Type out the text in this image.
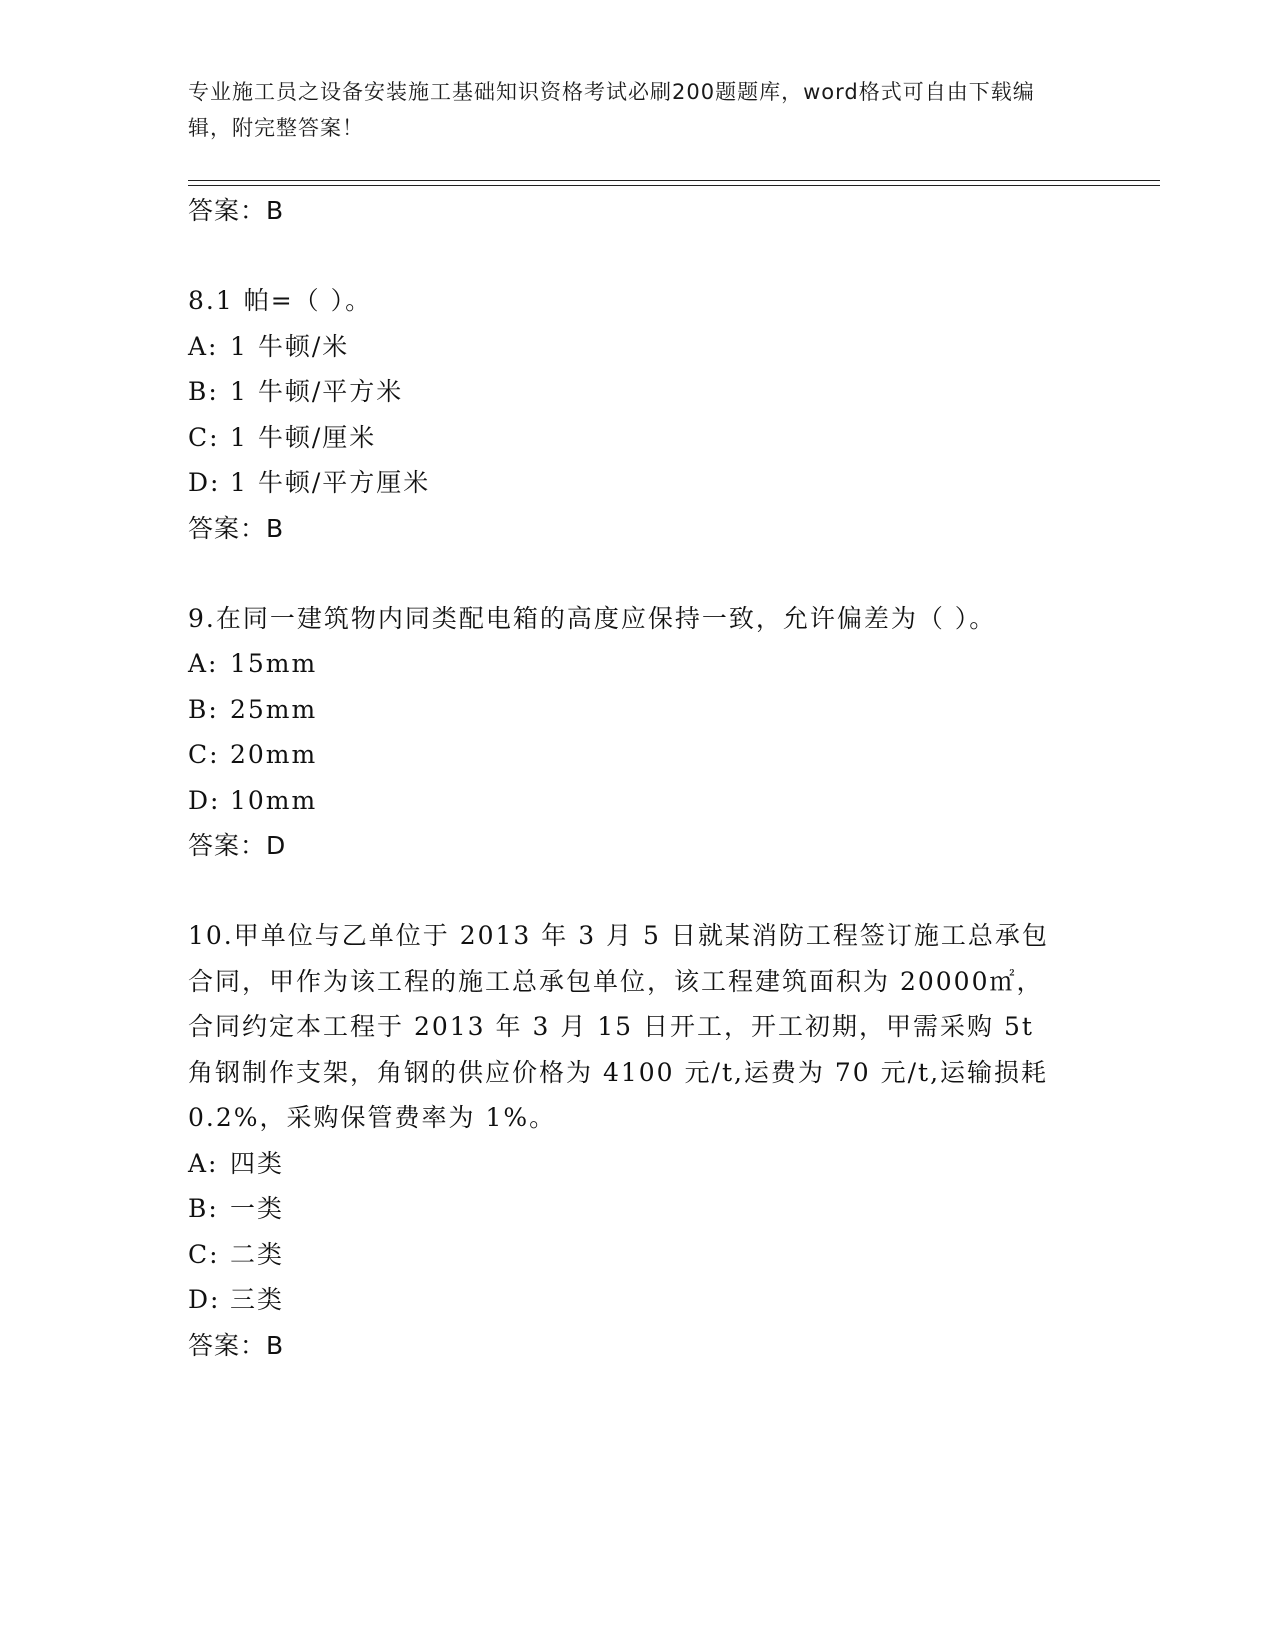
专业施工员之设备安装施工基础知识资格考试必刷200题题库，word格式可自由下载编辑，附完整答案！
答案：B
8.1 帕=（ ）。
A: 1 牛顿/米
B: 1 牛顿/平方米
C: 1 牛顿/厘米
D: 1 牛顿/平方厘米
答案：B
9.在同一建筑物内同类配电箱的高度应保持一致，允许偏差为（ ）。
A: 15mm
B: 25mm
C: 20mm
D: 10mm
答案：D
10.甲单位与乙单位于 2013 年 3 月 5 日就某消防工程签订施工总承包合同，甲作为该工程的施工总承包单位，该工程建筑面积为 20000㎡，合同约定本工程于 2013 年 3 月 15 日开工，开工初期，甲需采购 5t 角钢制作支架，角钢的供应价格为 4100 元/t,运费为 70 元/t,运输损耗 0.2%，采购保管费率为 1%。
A: 四类
B: 一类
C: 二类
D: 三类
答案：B
